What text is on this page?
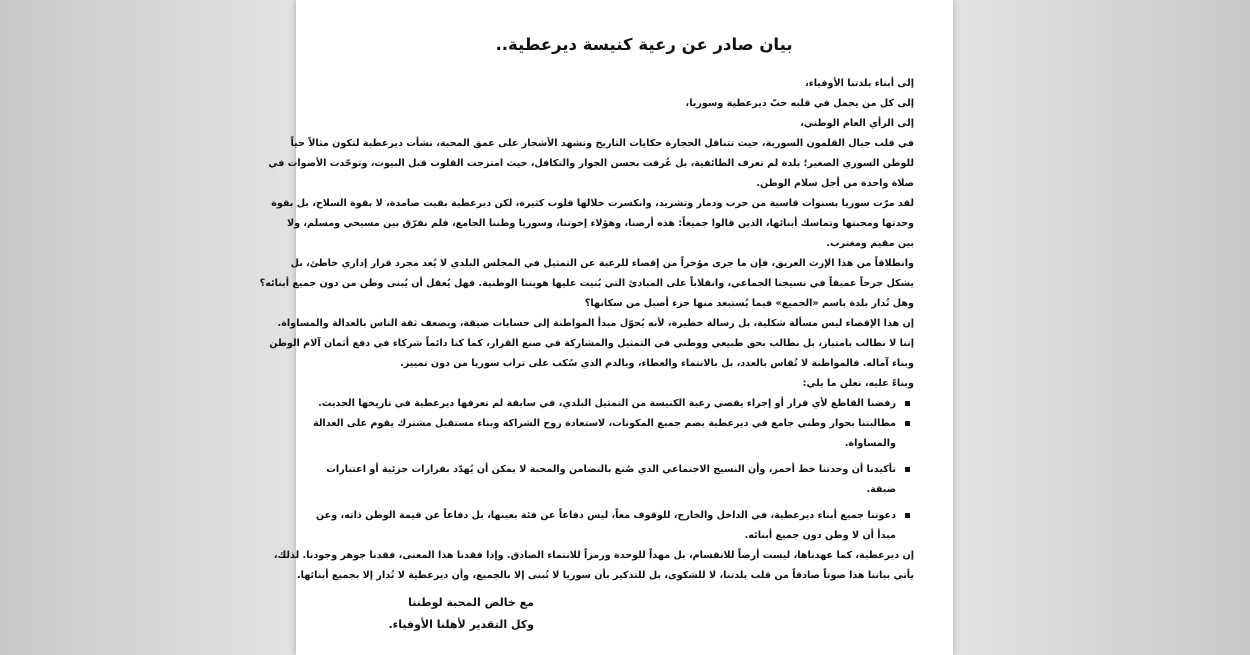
بيان صادر عن رعية كنيسة ديرعطية..
إلى أبناء بلدتنا الأوفياء،
إلى كل من يحمل في قلبه حبّ ديرعطية وسوريا،
إلى الرأي العام الوطني،
في قلب جبال القلمون السورية، حيث تتناقل الحجارة حكايات التاريخ وتشهد الأشجار على عمق المحبة، نشأت ديرعطية لتكون مثالاً حياً
للوطن السوري الصغير؛ بلدة لم تعرف الطائفية، بل عُرفت بحسن الجوار والتكافل، حيث امتزجت القلوب قبل البيوت، وتوحّدت الأصوات في
صلاة واحدة من أجل سلام الوطن.
لقد مرّت سوريا بسنوات قاسية من حرب ودمار وتشريد، وانكسرت خلالها قلوب كثيرة، لكن ديرعطية بقيت صامدة، لا بقوة السلاح، بل بقوة
وحدتها ومحبتها وتماسك أبنائها، الذين قالوا جميعاً: هذه أرضنا، وهؤلاء إخوتنا، وسوريا وطننا الجامع، فلم نفرّق بين مسيحي ومسلم، ولا
بين مقيم ومغترب.
وانطلاقاً من هذا الإرث العريق، فإن ما جرى مؤخراً من إقصاء للرعية عن التمثيل في المجلس البلدي لا يُعد مجرد قرار إداري خاطئ، بل
يشكل جرحاً عميقاً في نسيجنا الجماعي، وانقلاباً على المبادئ التي بُنيت عليها هويتنا الوطنية. فهل يُعقل أن يُبنى وطن من دون جميع أبنائه؟
وهل تُدار بلدة باسم «الجميع» فيما يُستبعد منها جزء أصيل من سكانها؟
إن هذا الإقصاء ليس مسألة شكلية، بل رسالة خطيرة، لأنه يُحوّل مبدأ المواطنة إلى حسابات ضيقة، ويضعف ثقة الناس بالعدالة والمساواة.
إننا لا نطالب بامتياز، بل نطالب بحق طبيعي ووطني في التمثيل والمشاركة في صنع القرار، كما كنا دائماً شركاء في دفع أثمان آلام الوطن
وبناء آماله. فالمواطنة لا تُقاس بالعدد، بل بالانتماء والعطاء، وبالدم الذي سُكب على تراب سوريا من دون تمييز.
وبناءً عليه، نعلن ما يلي:
رفضنا القاطع لأي قرار أو إجراء يقصي رعية الكنيسة من التمثيل البلدي، في سابقة لم تعرفها ديرعطية في تاريخها الحديث.
مطالبتنا بحوار وطني جامع في ديرعطية يضم جميع المكونات، لاستعادة روح الشراكة وبناء مستقبل مشترك يقوم على العدالة
والمساواة.
تأكيدنا أن وحدتنا خط أحمر، وأن النسيج الاجتماعي الذي صُنع بالتضامن والمحبة لا يمكن أن يُهدّد بقرارات جزئية أو اعتبارات
ضيقة.
دعوتنا جميع أبناء ديرعطية، في الداخل والخارج، للوقوف معاً، ليس دفاعاً عن فئة بعينها، بل دفاعاً عن قيمة الوطن ذاته، وعن
مبدأ أن لا وطن دون جميع أبنائه.
إن ديرعطية، كما عهدناها، ليست أرضاً للانقسام، بل مهداً للوحدة ورمزاً للانتماء الصادق. وإذا فقدنا هذا المعنى، فقدنا جوهر وجودنا. لذلك،
يأتي بياننا هذا صوتاً صادقاً من قلب بلدتنا، لا للشكوى، بل للتذكير بأن سوريا لا تُبنى إلا بالجميع، وأن ديرعطية لا تُدار إلا بجميع أبنائها.
مع خالص المحبة لوطننا
وكل التقدير لأهلنا الأوفياء.
